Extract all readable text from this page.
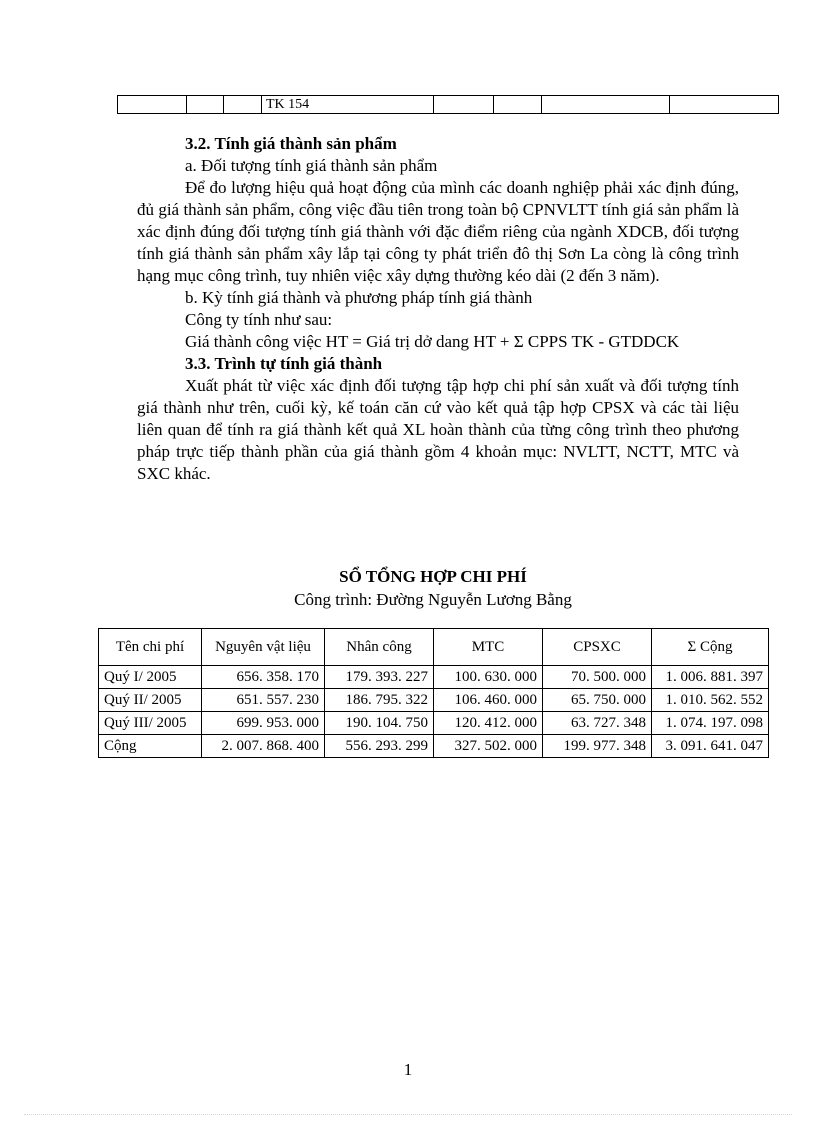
			TK 154				

3.2. Tính giá thành sản phẩm

a. Đối tượng tính giá thành sản phẩm

Để đo lượng hiệu quả hoạt động của mình các doanh nghiệp phải xác định đúng, đủ giá thành sản phẩm, công việc đầu tiên trong toàn bộ CPNVLTT tính giá sản phẩm là xác định đúng đối tượng tính giá thành với đặc điểm riêng của ngành XDCB, đối tượng tính giá thành sản phẩm xây lắp tại công ty phát triển đô thị Sơn La còng là công trình hạng mục công trình, tuy nhiên việc xây dựng thường kéo dài (2 đến 3 năm).

b. Kỳ tính giá thành và phương pháp tính giá thành

Công ty tính như sau:

Giá thành công việc HT = Giá trị dở dang HT + Σ CPPS TK - GTDDCK

3.3. Trình tự tính giá thành

Xuất phát từ việc xác định đối tượng tập hợp chi phí sản xuất và đối tượng tính giá thành như trên, cuối kỳ, kế toán căn cứ vào kết quả tập hợp CPSX và các tài liệu liên quan để tính ra giá thành kết quả XL hoàn thành của từng công trình theo phương pháp trực tiếp thành phần của giá thành gồm 4 khoản mục: NVLTT, NCTT, MTC và SXC khác.

SỔ TỔNG HỢP CHI PHÍ
Công trình: Đường Nguyễn Lương Bằng
Tên chi phí	Nguyên vật liệu	Nhân công	MTC	CPSXC	Σ Cộng
Quý I/ 2005	656. 358. 170	179. 393. 227	100. 630. 000	70. 500. 000	1. 006. 881. 397
Quý II/ 2005	651. 557. 230	186. 795. 322	106. 460. 000	65. 750. 000	1. 010. 562. 552
Quý III/ 2005	699. 953. 000	190. 104. 750	120. 412. 000	63. 727. 348	1. 074. 197. 098
Cộng	2. 007. 868. 400	556. 293. 299	327. 502. 000	199. 977. 348	3. 091. 641. 047
1
